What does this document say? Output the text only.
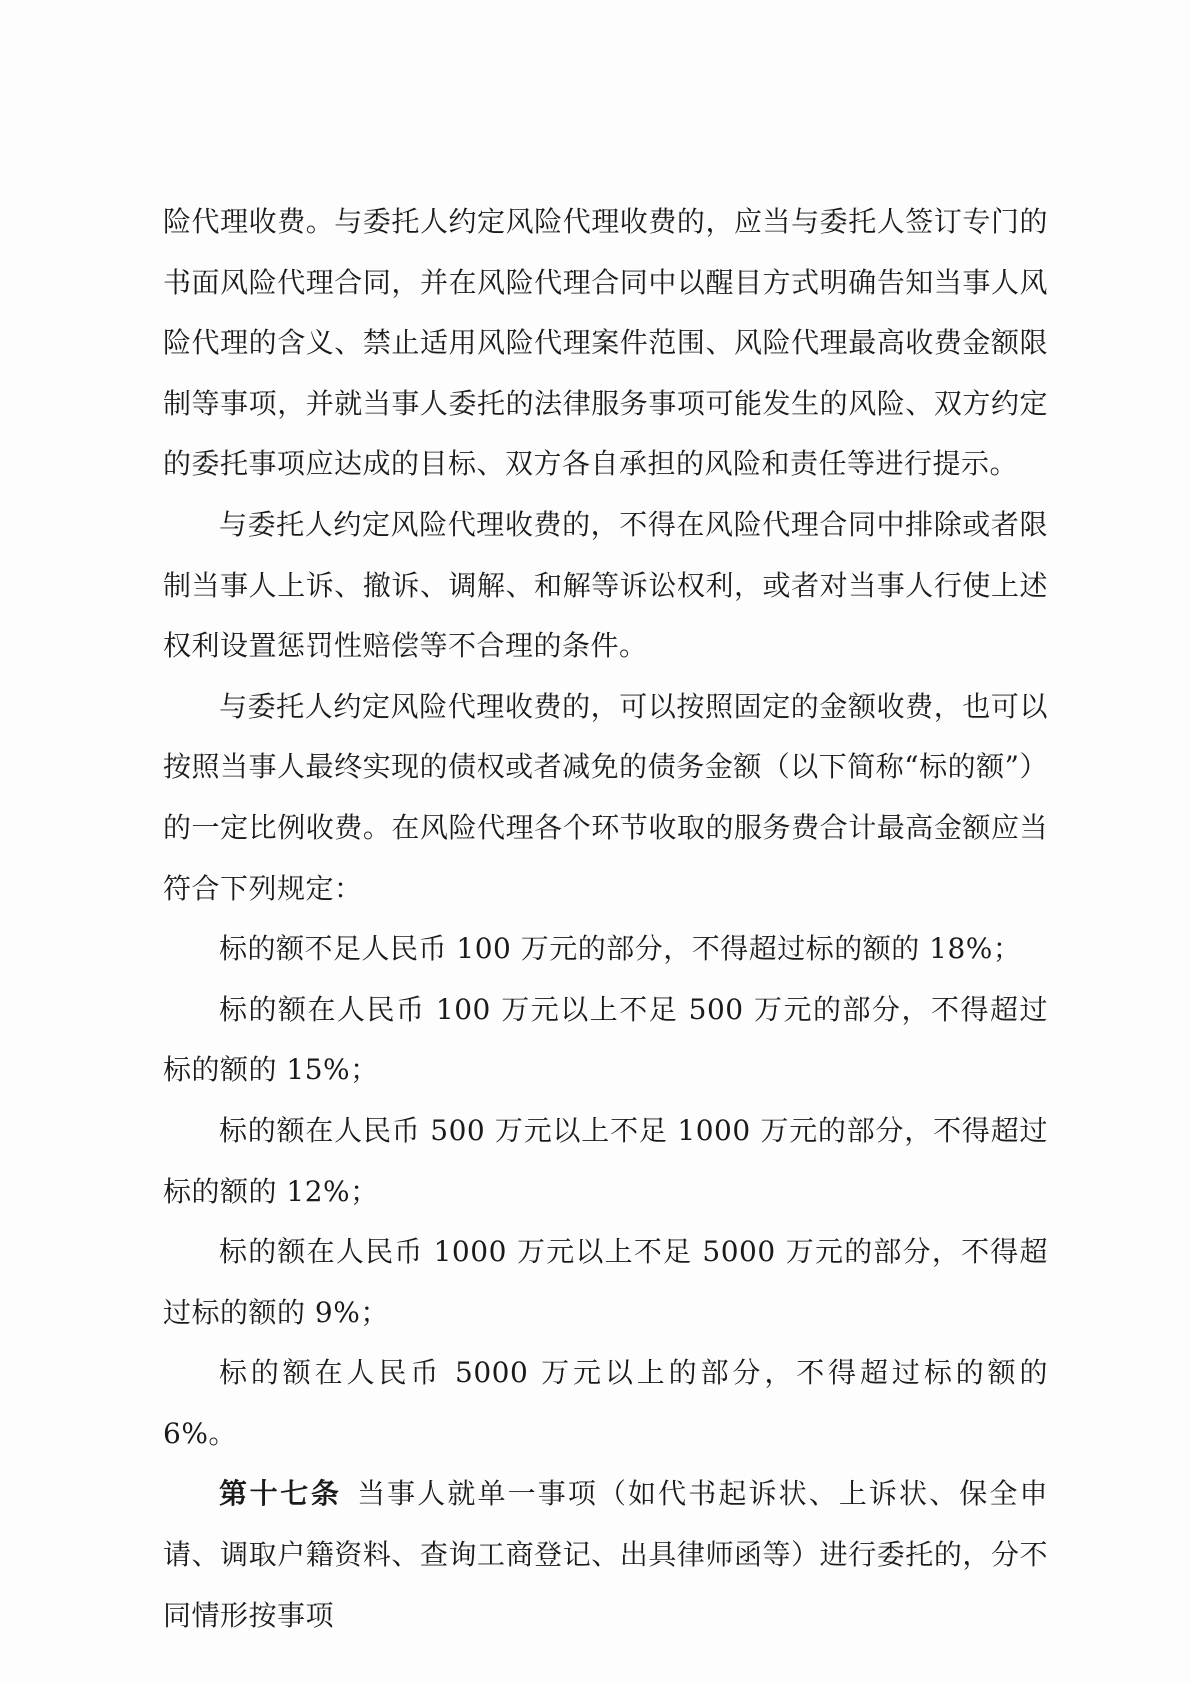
险代理收费。与委托人约定风险代理收费的，应当与委托人签订专门的书面风险代理合同，并在风险代理合同中以醒目方式明确告知当事人风险代理的含义、禁止适用风险代理案件范围、风险代理最高收费金额限制等事项，并就当事人委托的法律服务事项可能发生的风险、双方约定的委托事项应达成的目标、双方各自承担的风险和责任等进行提示。

与委托人约定风险代理收费的，不得在风险代理合同中排除或者限制当事人上诉、撤诉、调解、和解等诉讼权利，或者对当事人行使上述权利设置惩罚性赔偿等不合理的条件。

与委托人约定风险代理收费的，可以按照固定的金额收费，也可以按照当事人最终实现的债权或者减免的债务金额（以下简称“标的额”）的一定比例收费。在风险代理各个环节收取的服务费合计最高金额应当符合下列规定：

标的额不足人民币 100 万元的部分，不得超过标的额的 18%；

标的额在人民币 100 万元以上不足 500 万元的部分，不得超过标的额的 15%；

标的额在人民币 500 万元以上不足 1000 万元的部分，不得超过标的额的 12%；

标的额在人民币 1000 万元以上不足 5000 万元的部分，不得超过标的额的 9%；

标的额在人民币 5000 万元以上的部分，不得超过标的额的 6%。

第十七条 当事人就单一事项（如代书起诉状、上诉状、保全申请、调取户籍资料、查询工商登记、出具律师函等）进行委托的，分不同情形按事项
